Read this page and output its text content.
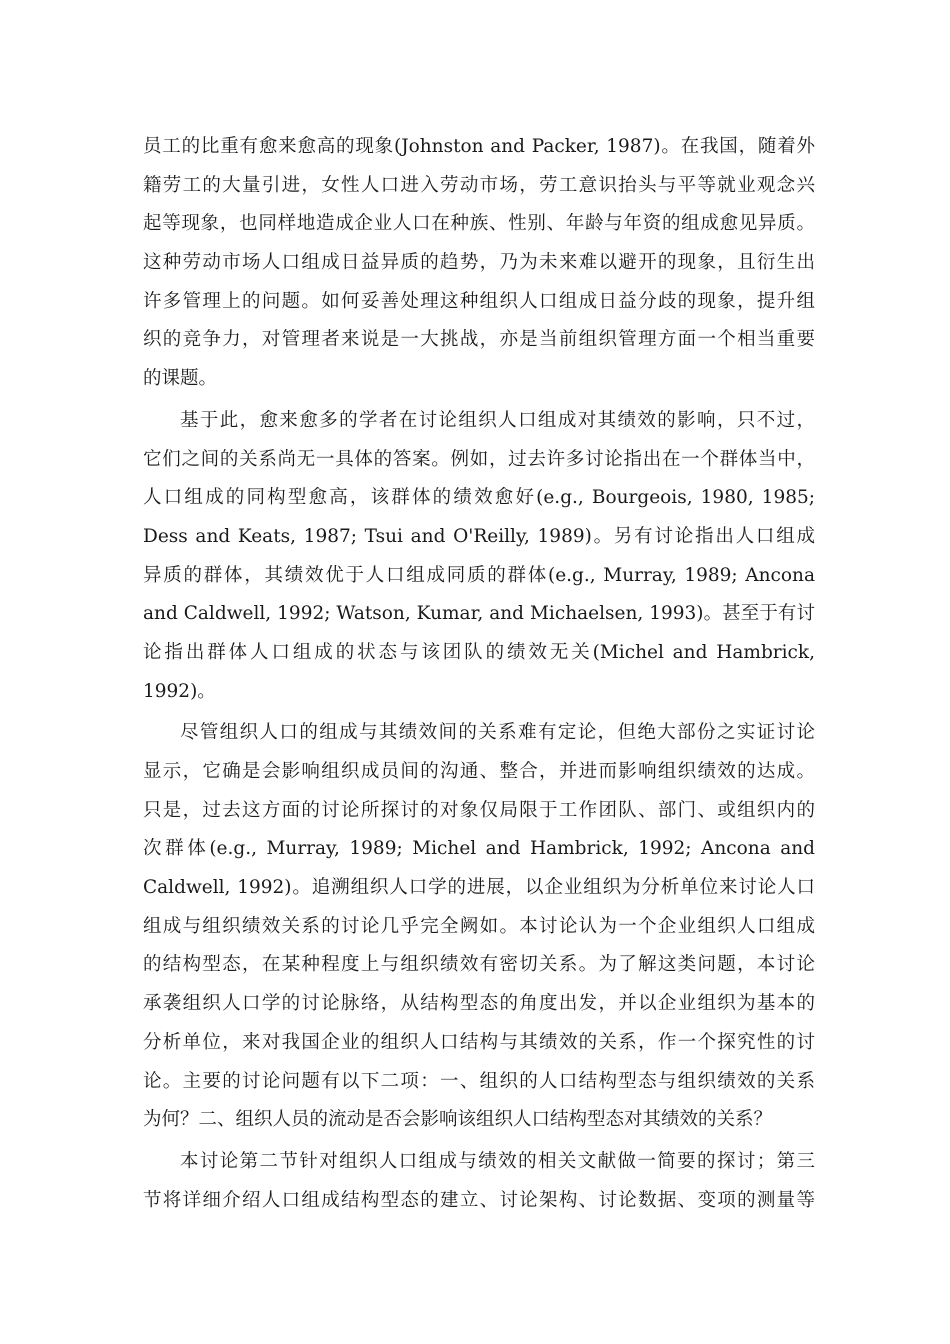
员工的比重有愈来愈高的现象(Johnston and Packer, 1987)。在我国，随着外
籍劳工的大量引进，女性人口进入劳动市场，劳工意识抬头与平等就业观念兴
起等现象，也同样地造成企业人口在种族、性别、年龄与年资的组成愈见异质。
这种劳动市场人口组成日益异质的趋势，乃为未来难以避开的现象，且衍生出
许多管理上的问题。如何妥善处理这种组织人口组成日益分歧的现象，提升组
织的竞争力，对管理者来说是一大挑战，亦是当前组织管理方面一个相当重要
的课题。
基于此，愈来愈多的学者在讨论组织人口组成对其绩效的影响，只不过，
它们之间的关系尚无一具体的答案。例如，过去许多讨论指出在一个群体当中，
人口组成的同构型愈高，该群体的绩效愈好(e.g., Bourgeois, 1980, 1985;
Dess and Keats, 1987; Tsui and O'Reilly, 1989)。另有讨论指出人口组成
异质的群体，其绩效优于人口组成同质的群体(e.g., Murray, 1989; Ancona
and Caldwell, 1992; Watson, Kumar, and Michaelsen, 1993)。甚至于有讨
论指出群体人口组成的状态与该团队的绩效无关(Michel and Hambrick,
1992)。
尽管组织人口的组成与其绩效间的关系难有定论，但绝大部份之实证讨论
显示，它确是会影响组织成员间的沟通、整合，并进而影响组织绩效的达成。
只是，过去这方面的讨论所探讨的对象仅局限于工作团队、部门、或组织内的
次群体(e.g., Murray, 1989; Michel and Hambrick, 1992; Ancona and
Caldwell, 1992)。追溯组织人口学的进展，以企业组织为分析单位来讨论人口
组成与组织绩效关系的讨论几乎完全阙如。本讨论认为一个企业组织人口组成
的结构型态，在某种程度上与组织绩效有密切关系。为了解这类问题，本讨论
承袭组织人口学的讨论脉络，从结构型态的角度出发，并以企业组织为基本的
分析单位，来对我国企业的组织人口结构与其绩效的关系，作一个探究性的讨
论。主要的讨论问题有以下二项：一、组织的人口结构型态与组织绩效的关系
为何？二、组织人员的流动是否会影响该组织人口结构型态对其绩效的关系？
本讨论第二节针对组织人口组成与绩效的相关文献做一简要的探讨；第三
节将详细介绍人口组成结构型态的建立、讨论架构、讨论数据、变项的测量等
